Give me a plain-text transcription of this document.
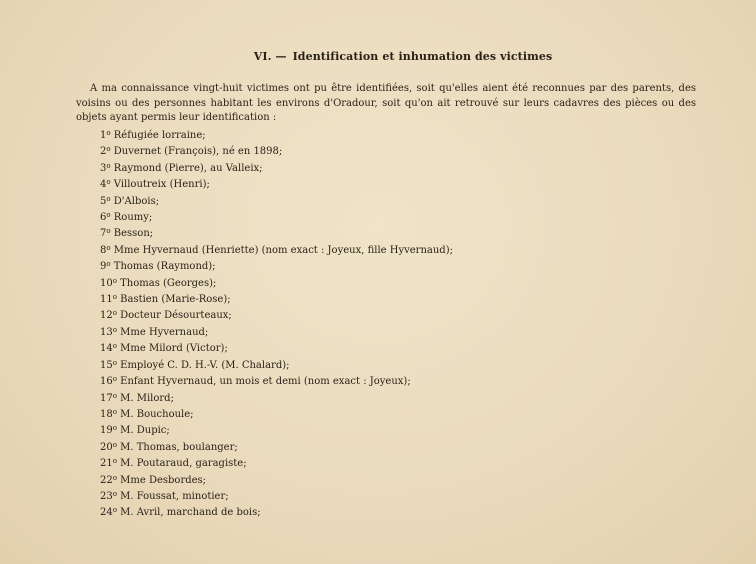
VI. — Identification et inhumation des victimes

A ma connaissance vingt-huit victimes ont pu être identifiées, soit qu'elles aient été reconnues par des parents, des voisins ou des personnes habitant les environs d'Oradour, soit qu'on ait retrouvé sur leurs cadavres des pièces ou des objets ayant permis leur identification :

1$^o$ Réfugiée lorraine;
2$^o$ Duvernet (François), né en 1898;
3$^o$ Raymond (Pierre), au Valleix;
4$^o$ Villoutreix (Henri);
5$^o$ D'Albois;
6$^o$ Roumy;
7$^o$ Besson;
8$^o$ Mme Hyvernaud (Henriette) (nom exact : Joyeux, fille Hyvernaud);
9$^o$ Thomas (Raymond);
10$^o$ Thomas (Georges);
11$^o$ Bastien (Marie-Rose);
12$^o$ Docteur Désourteaux;
13$^o$ Mme Hyvernaud;
14$^o$ Mme Milord (Victor);
15$^o$ Employé C. D. H.-V. (M. Chalard);
16$^o$ Enfant Hyvernaud, un mois et demi (nom exact : Joyeux);
17$^o$ M. Milord;
18$^o$ M. Bouchoule;
19$^o$ M. Dupic;
20$^o$ M. Thomas, boulanger;
21$^o$ M. Poutaraud, garagiste;
22$^o$ Mme Desbordes;
23$^o$ M. Foussat, minotier;
24$^o$ M. Avril, marchand de bois;
